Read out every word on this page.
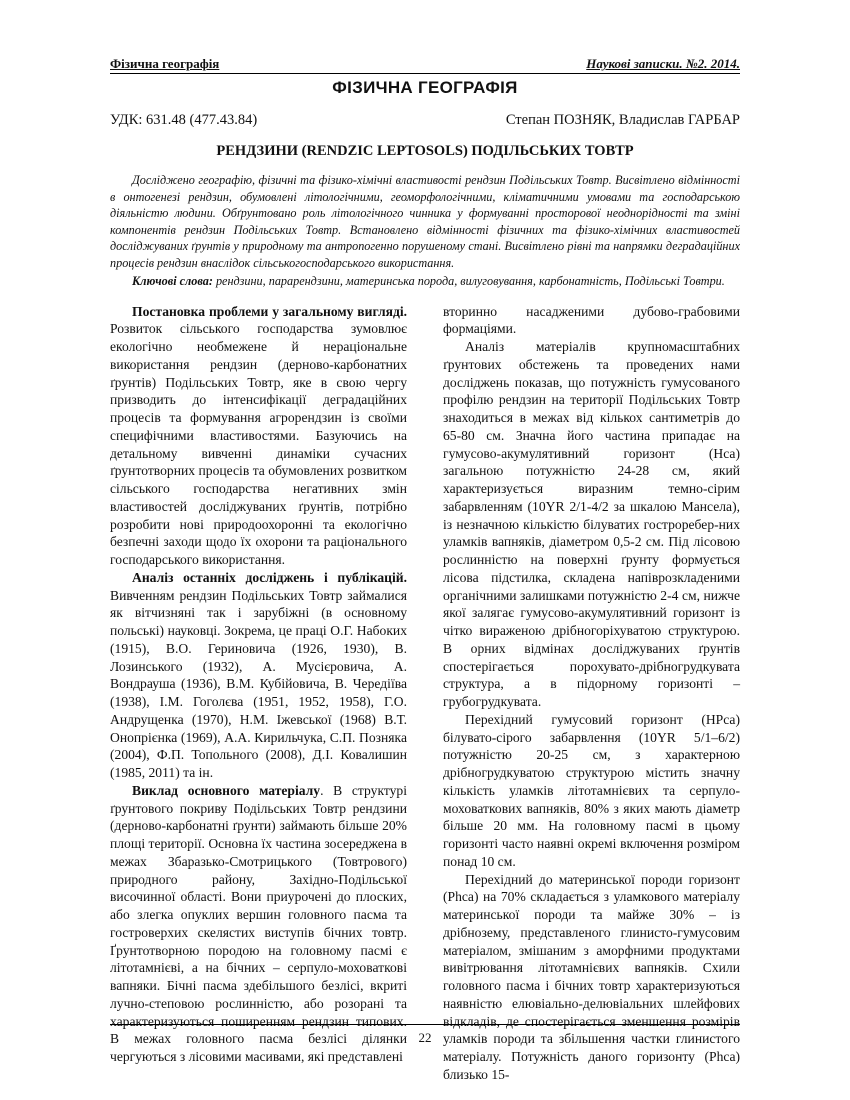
Фізична географія	Наукові записки. №2. 2014.
ФІЗИЧНА ГЕОГРАФІЯ
УДК: 631.48 (477.43.84)	Степан ПОЗНЯК, Владислав ГАРБАР
РЕНДЗИНИ (RENDZIC LEPTOSOLS) ПОДІЛЬСЬКИХ ТОВТР
Досліджено географію, фізичні та фізико-хімічні властивості рендзин Подільських Товтр. Висвітлено відмінності в онтогенезі рендзин, обумовлені літологічними, геоморфологічними, кліматичними умовами та господарською діяльністю людини. Обґрунтовано роль літологічного чинника у формуванні просторової неоднорідності та зміні компонентів рендзин Подільських Товтр. Встановлено відмінності фізичних та фізико-хімічних властивостей досліджуваних ґрунтів у природному та антропогенно порушеному стані. Висвітлено рівні та напрямки деградаційних процесів рендзин внаслідок сільськогосподарського використання.
Ключові слова: рендзини, парарендзини, материнська порода, вилуговування, карбонатність, Подільські Товтри.

Постановка проблеми у загальному вигляді. Розвиток сільського господарства зумовлює екологічно необмежене й нераціональне використання рендзин (дерново-карбонатних ґрунтів) Подільських Товтр, яке в свою чергу призводить до інтенсифікації деградаційних процесів та формування агрорендзин із своїми специфічними властивостями. Базуючись на детальному вивченні динаміки сучасних ґрунтотворних процесів та обумовлених розвитком сільського господарства негативних змін властивостей досліджуваних ґрунтів, потрібно розробити нові природоохоронні та екологічно безпечні заходи щодо їх охорони та раціонального господарського використання.

Аналіз останніх досліджень і публікацій. Вивченням рендзин Подільських Товтр займалися як вітчизняні так і зарубіжні (в основному польські) науковці. Зокрема, це праці О.Г. Набоких (1915), В.О. Гериновича (1926, 1930), В. Лозинського (1932), А. Мусієровича, А. Вондрауша (1936), В.М. Кубійовича, В. Чередіїва (1938), І.М. Гоголєва (1951, 1952, 1958), Г.О. Андрущенка (1970), Н.М. Іжевської (1968) В.Т. Онопрієнка (1969), А.А. Кирильчука, С.П. Позняка (2004), Ф.П. Топольного (2008), Д.І. Ковалишин (1985, 2011) та ін.

Виклад основного матеріалу. В структурі ґрунтового покриву Подільських Товтр рендзини (дерново-карбонатні ґрунти) займають більше 20% площі території. Основна їх частина зосереджена в межах Збаразько-Смотрицького (Товтрового) природного району, Західно-Подільської височинної області. Вони приурочені до плоских, або злегка опуклих вершин головного пасма та гостроверхих скелястих виступів бічних товтр. Ґрунтотворною породою на головному пасмі є літотамнієві, а на бічних – серпуло-моховаткові вапняки. Бічні пасма здебільшого безлісі, вкриті лучно-степовою рослинністю, або розорані та характеризуються поширенням рендзин типових. В межах головного пасма безлісі ділянки чергуються з лісовими масивами, які представлені

вторинно насадженими дубово-грабовими формаціями.

Аналіз матеріалів крупномасштабних ґрунтових обстежень та проведених нами досліджень показав, що потужність гумусованого профілю рендзин на території Подільських Товтр знаходиться в межах від кількох сантиметрів до 65-80 см. Значна його частина припадає на гумусово-акумулятивний горизонт (Нса) загальною потужністю 24-28 см, який характеризується виразним темно-сірим забарвленням (10YR 2/1-4/2 за шкалою Мансела), із незначною кількістю білуватих гостроребер-них уламків вапняків, діаметром 0,5-2 см. Під лісовою рослинністю на поверхні ґрунту формується лісова підстилка, складена напіврозкладеними органічними залишками потужністю 2-4 см, нижче якої залягає гумусово-акумулятивний горизонт із чітко вираженою дрібногоріхуватою структурою. В орних відмінах досліджуваних ґрунтів спостерігається порохувато-дрібногрудкувата структура, а в підорному горизонті – грубогрудкувата.

Перехідний гумусовий горизонт (НРса) білувато-сірого забарвлення (10YR 5/1–6/2) потужністю 20-25 см, з характерною дрібногрудкуватою структурою містить значну кількість уламків літотамнієвих та серпуло-моховаткових вапняків, 80% з яких мають діаметр більше 20 мм. На головному пасмі в цьому горизонті часто наявні окремі включення розміром понад 10 см.

Перехідний до материнської породи горизонт (Phca) на 70% складається з уламкового матеріалу материнської породи та майже 30% – із дрібнозему, представленого глинисто-гумусовим матеріалом, змішаним з аморфними продуктами вивітрювання літотамнієвих вапняків. Схили головного пасма і бічних товтр характеризуються наявністю елювіально-делювіальних шлейфових відкладів, де спостерігається зменшення розмірів уламків породи та збільшення частки глинистого матеріалу. Потужність даного горизонту (Phca) близько 15-

22
